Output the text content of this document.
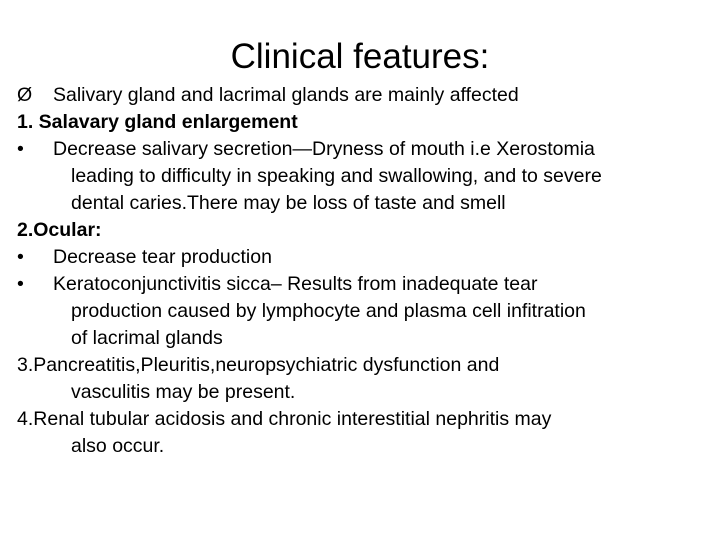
Clinical features:
Ø Salivary gland and lacrimal glands are mainly affected
1. Salavary gland enlargement
• Decrease salivary secretion—Dryness of mouth i.e Xerostomia
leading to difficulty in speaking and swallowing, and to severe
dental caries.There may be loss of taste and smell
2.Ocular:
• Decrease tear production
• Keratoconjunctivitis sicca– Results from inadequate tear
production caused by lymphocyte and plasma cell infitration
of lacrimal glands
3.Pancreatitis,Pleuritis,neuropsychiatric dysfunction and
vasculitis may be present.
4.Renal tubular acidosis and chronic interestitial nephritis may
also occur.
